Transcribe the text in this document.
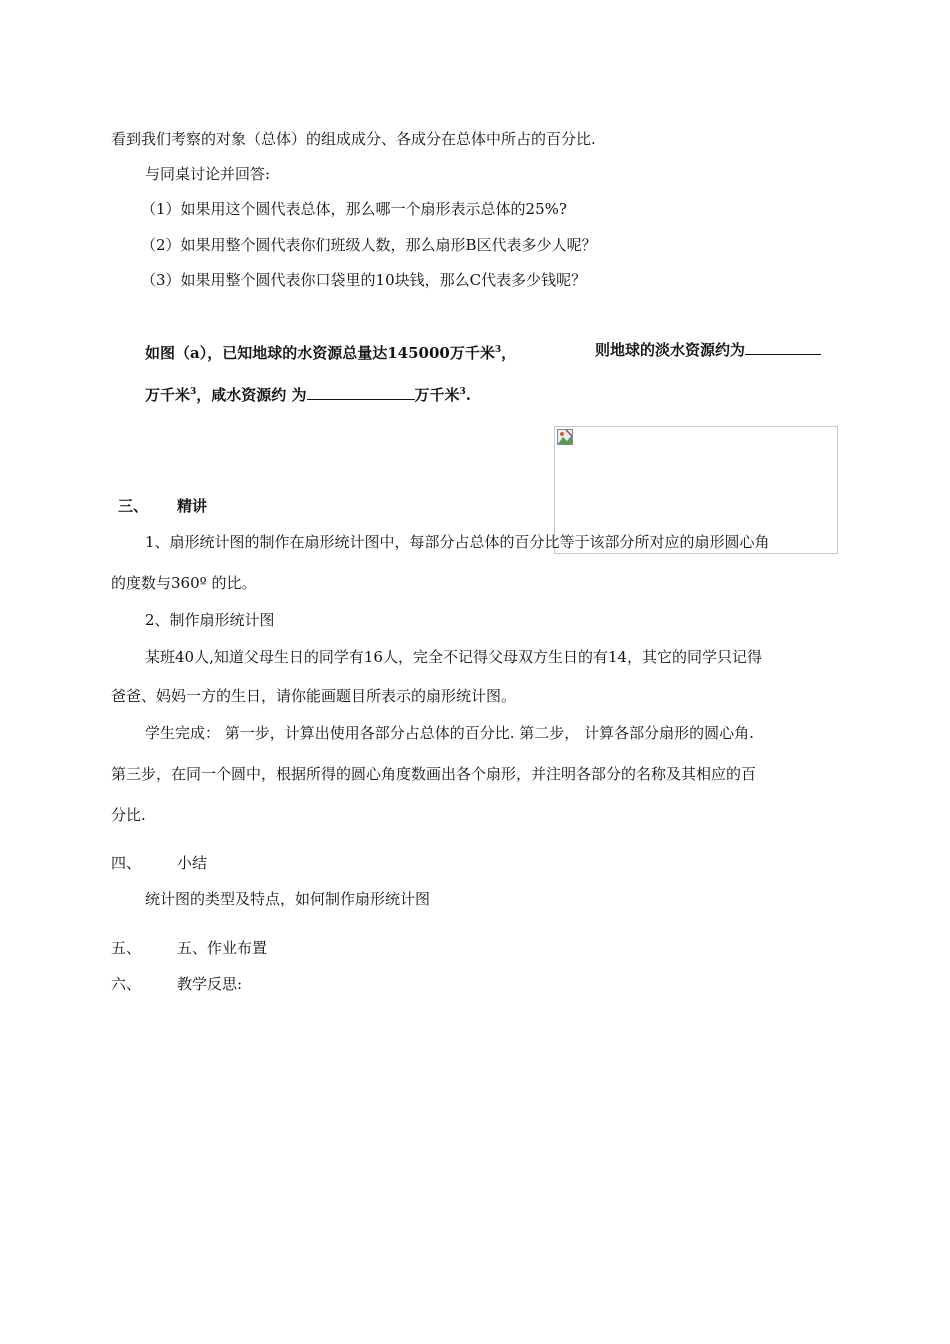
看到我们考察的对象（总体）的组成成分、各成分在总体中所占的百分比.
与同桌讨论并回答:
（1）如果用这个圆代表总体，那么哪一个扇形表示总体的25%?
（2）如果用整个圆代表你们班级人数，那么扇形B区代表多少人呢？
（3）如果用整个圆代表你口袋里的10块钱，那么C代表多少钱呢？
如图（a），已知地球的水资源总量达145000万千米$^3$，	则地球的淡水资源约为
万千米$^3$，咸水资源约 为	万千米$^3$.
三、 精讲
1、扇形统计图的制作在扇形统计图中，每部分占总体的百分比等于该部分所对应的扇形圆心角
的度数与360º 的比。
2、制作扇形统计图
某班40人,知道父母生日的同学有16人，完全不记得父母双方生日的有14，其它的同学只记得
爸爸、妈妈一方的生日，请你能画题目所表示的扇形统计图。
学生完成： 第一步，计算出使用各部分占总体的百分比. 第二步， 计算各部分扇形的圆心角.
第三步，在同一个圆中，根据所得的圆心角度数画出各个扇形，并注明各部分的名称及其相应的百
分比.
四、 小结
统计图的类型及特点，如何制作扇形统计图
五、 五、作业布置
六、 教学反思:
